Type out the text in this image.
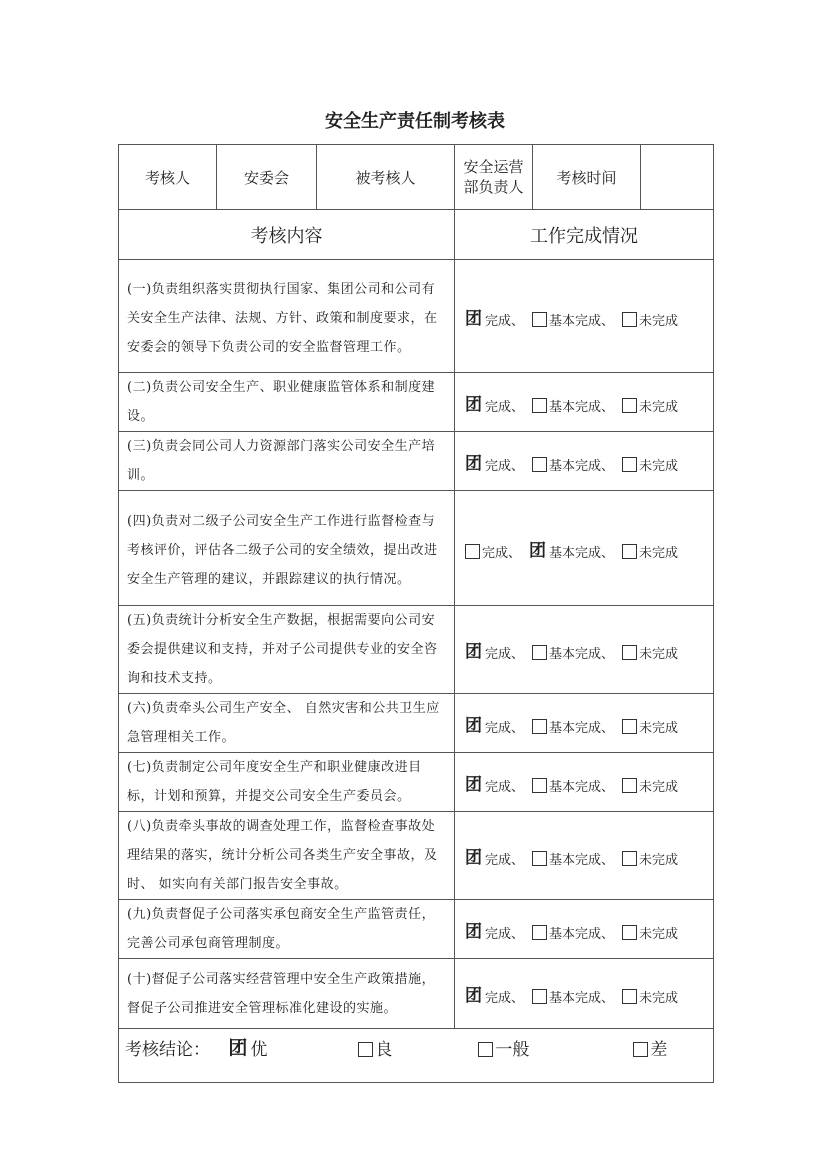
安全生产责任制考核表
考核人	安委会	被考核人	安全运营部负责人	考核时间	
考核内容			工作完成情况		
(一)负责组织落实贯彻执行国家、集团公司和公司有关安全生产法律、法规、方针、政策和制度要求，在安委会的领导下负责公司的安全监督管理工作。			团 完成、 基本完成、 未完成		
(二)负责公司安全生产、职业健康监管体系和制度建设。			团 完成、 基本完成、 未完成		
(三)负责会同公司人力资源部门落实公司安全生产培训。			团 完成、 基本完成、 未完成		
(四)负责对二级子公司安全生产工作进行监督检查与考核评价，评估各二级子公司的安全绩效，提出改进安全生产管理的建议，并跟踪建议的执行情况。			完成、 团 基本完成、 未完成		
(五)负责统计分析安全生产数据，根据需要向公司安委会提供建议和支持，并对子公司提供专业的安全咨询和技术支持。			团 完成、 基本完成、 未完成		
(六)负责牵头公司生产安全、 自然灾害和公共卫生应急管理相关工作。			团 完成、 基本完成、 未完成		
(七)负责制定公司年度安全生产和职业健康改进目标，计划和预算，并提交公司安全生产委员会。			团 完成、 基本完成、 未完成		
(八)负责牵头事故的调查处理工作，监督检查事故处理结果的落实，统计分析公司各类生产安全事故，及时、 如实向有关部门报告安全事故。			团 完成、 基本完成、 未完成		
(九)负责督促子公司落实承包商安全生产监管责任，完善公司承包商管理制度。			团 完成、 基本完成、 未完成		
(十)督促子公司落实经营管理中安全生产政策措施，督促子公司推进安全管理标准化建设的实施。			团 完成、 基本完成、 未完成		
考核结论： 团 优 良 一般 差					
